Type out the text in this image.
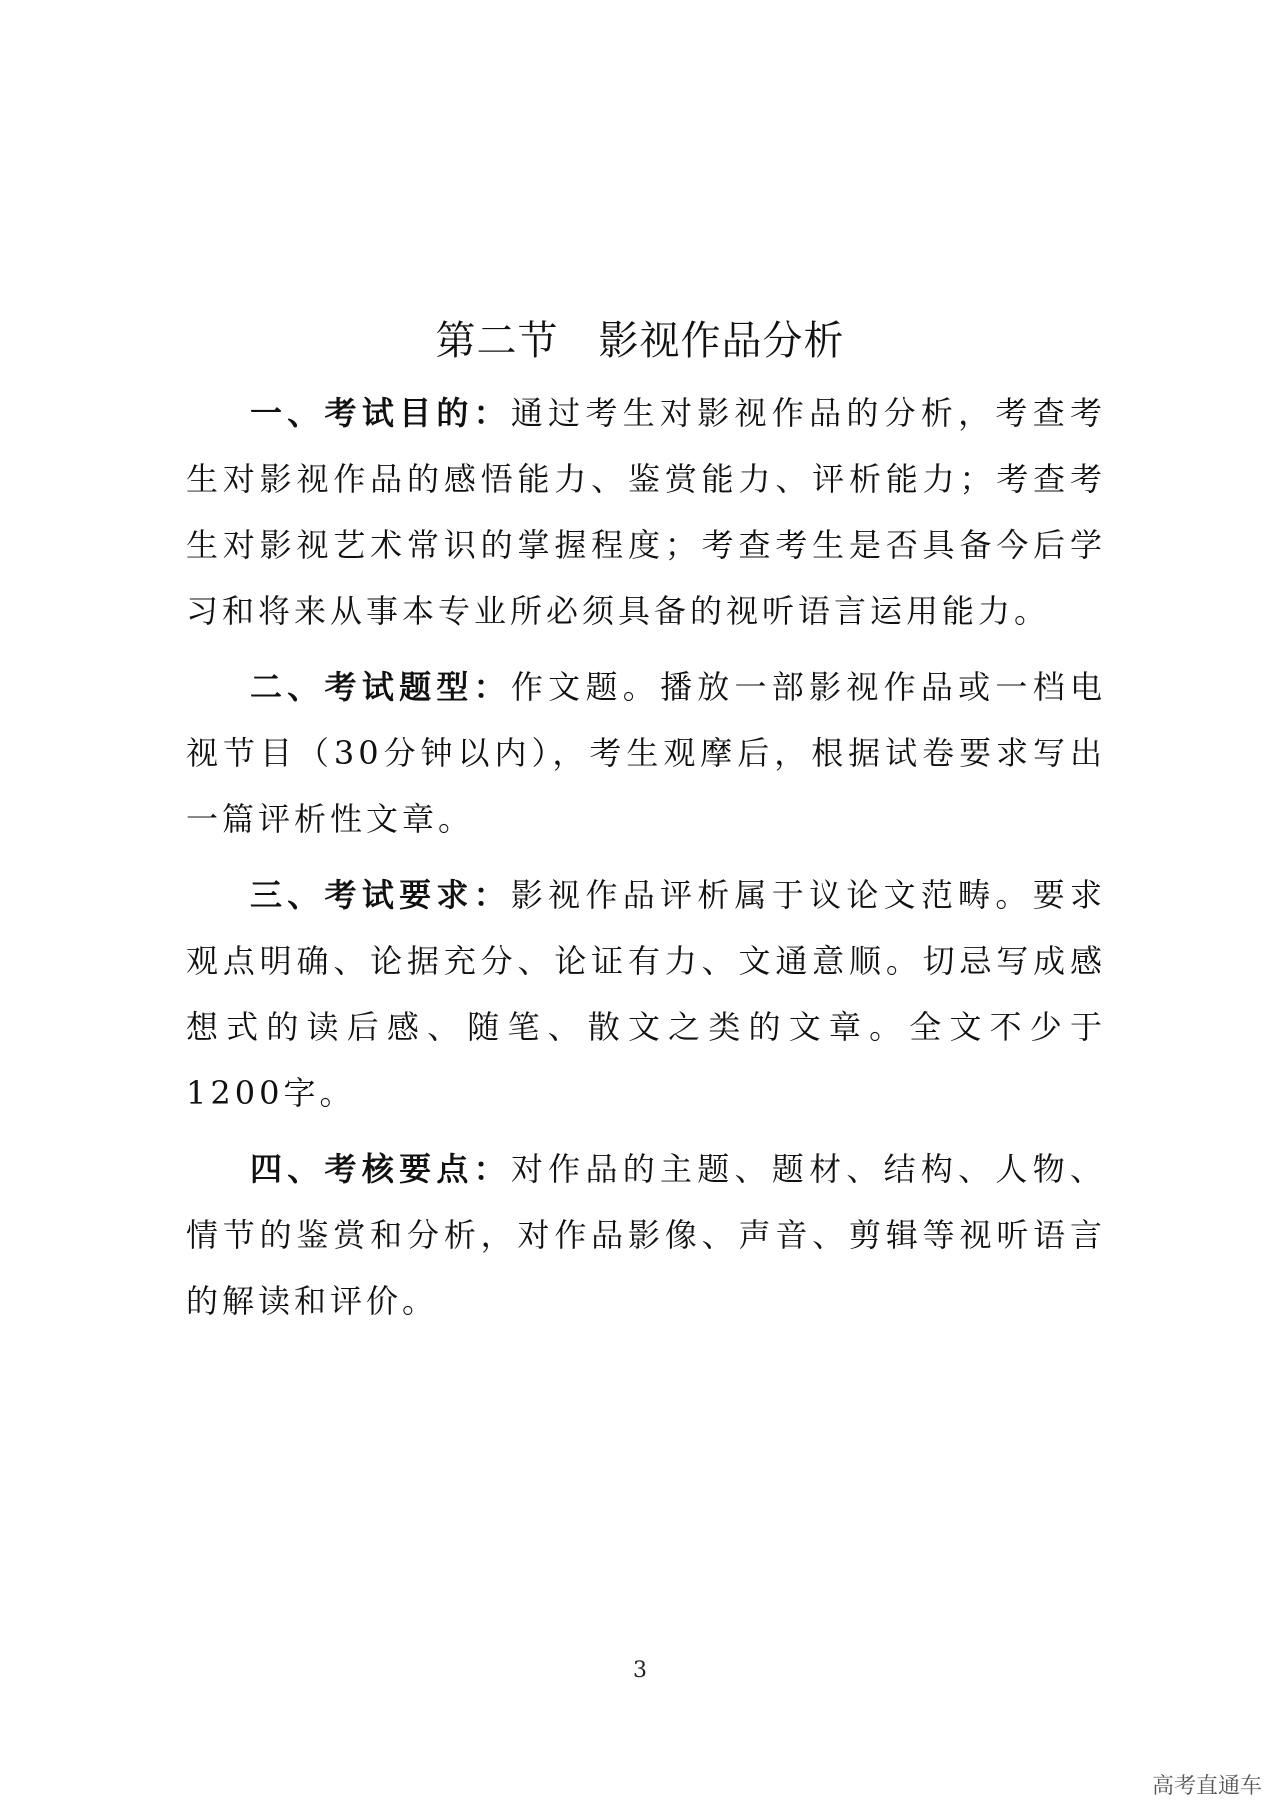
第二节 影视作品分析

一、考试目的：通过考生对影视作品的分析，考查考生对影视作品的感悟能力、鉴赏能力、评析能力；考查考生对影视艺术常识的掌握程度；考查考生是否具备今后学习和将来从事本专业所必须具备的视听语言运用能力。

二、考试题型：作文题。播放一部影视作品或一档电视节目（30分钟以内），考生观摩后，根据试卷要求写出一篇评析性文章。

三、考试要求：影视作品评析属于议论文范畴。要求观点明确、论据充分、论证有力、文通意顺。切忌写成感想式的读后感、随笔、散文之类的文章。全文不少于1200字。

四、考核要点：对作品的主题、题材、结构、人物、情节的鉴赏和分析，对作品影像、声音、剪辑等视听语言的解读和评价。

3
高考直通车
